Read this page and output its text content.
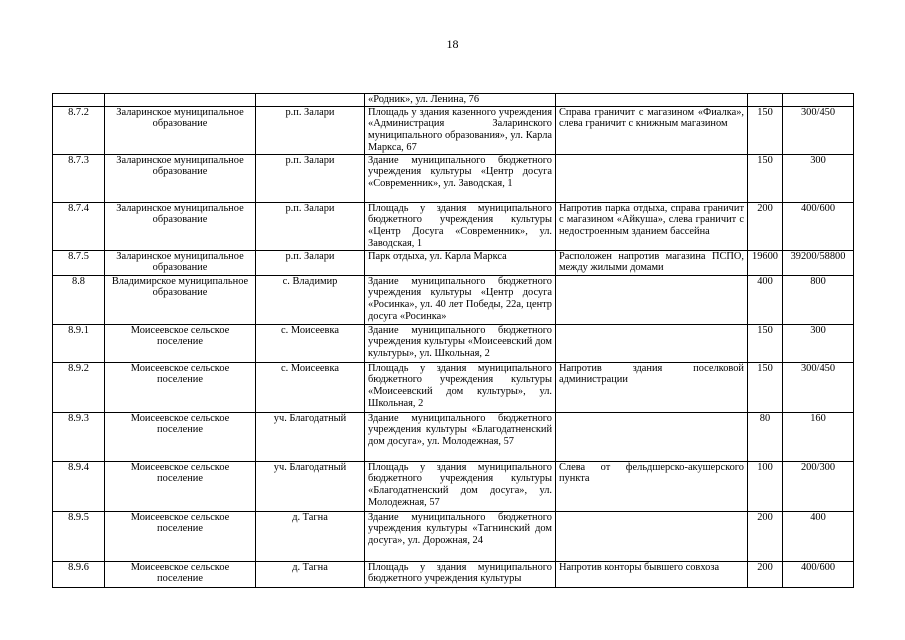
18
			«Родник», ул. Ленина, 76			
8.7.2	Заларинское муниципальное образование	р.п. Залари	Площадь у здания казенного учреждения «Администрация Заларинского муниципального образования», ул. Карла Маркса, 67	Справа граничит с магазином «Фиалка», слева граничит с книжным магазином	150	300/450
8.7.3	Заларинское муниципальное образование	р.п. Залари	Здание муниципального бюджетного учреждения культуры «Центр досуга «Современник», ул. Заводская, 1		150	300
8.7.4	Заларинское муниципальное образование	р.п. Залари	Площадь у здания муниципального бюджетного учреждения культуры «Центр Досуга «Современник», ул. Заводская, 1	Напротив парка отдыха, справа граничит с магазином «Айкуша», слева граничит с недостроенным зданием бассейна	200	400/600
8.7.5	Заларинское муниципальное образование	р.п. Залари	Парк отдыха, ул. Карла Маркса	Расположен напротив магазина ПСПО, между жилыми домами	19600	39200/58800
8.8	Владимирское муниципальное образование	с. Владимир	Здание муниципального бюджетного учреждения культуры «Центр досуга «Росинка», ул. 40 лет Победы, 22а, центр досуга «Росинка»		400	800
8.9.1	Моисеевское сельское поселение	с. Моисеевка	Здание муниципального бюджетного учреждения культуры «Моисеевский дом культуры», ул. Школьная, 2		150	300
8.9.2	Моисеевское сельское поселение	с. Моисеевка	Площадь у здания муниципального бюджетного учреждения культуры «Моисеевский дом культуры», ул. Школьная, 2	Напротив здания поселковой администрации	150	300/450
8.9.3	Моисеевское сельское поселение	уч. Благодатный	Здание муниципального бюджетного учреждения культуры «Благодатненский дом досуга», ул. Молодежная, 57		80	160
8.9.4	Моисеевское сельское поселение	уч. Благодатный	Площадь у здания муниципального бюджетного учреждения культуры «Благодатненский дом досуга», ул. Молодежная, 57	Слева от фельдшерско-акушерского пункта	100	200/300
8.9.5	Моисеевское сельское поселение	д. Тагна	Здание муниципального бюджетного учреждения культуры «Тагнинский дом досуга», ул. Дорожная, 24		200	400
8.9.6	Моисеевское сельское поселение	д. Тагна	Площадь у здания муниципального бюджетного учреждения культуры	Напротив конторы бывшего совхоза	200	400/600
